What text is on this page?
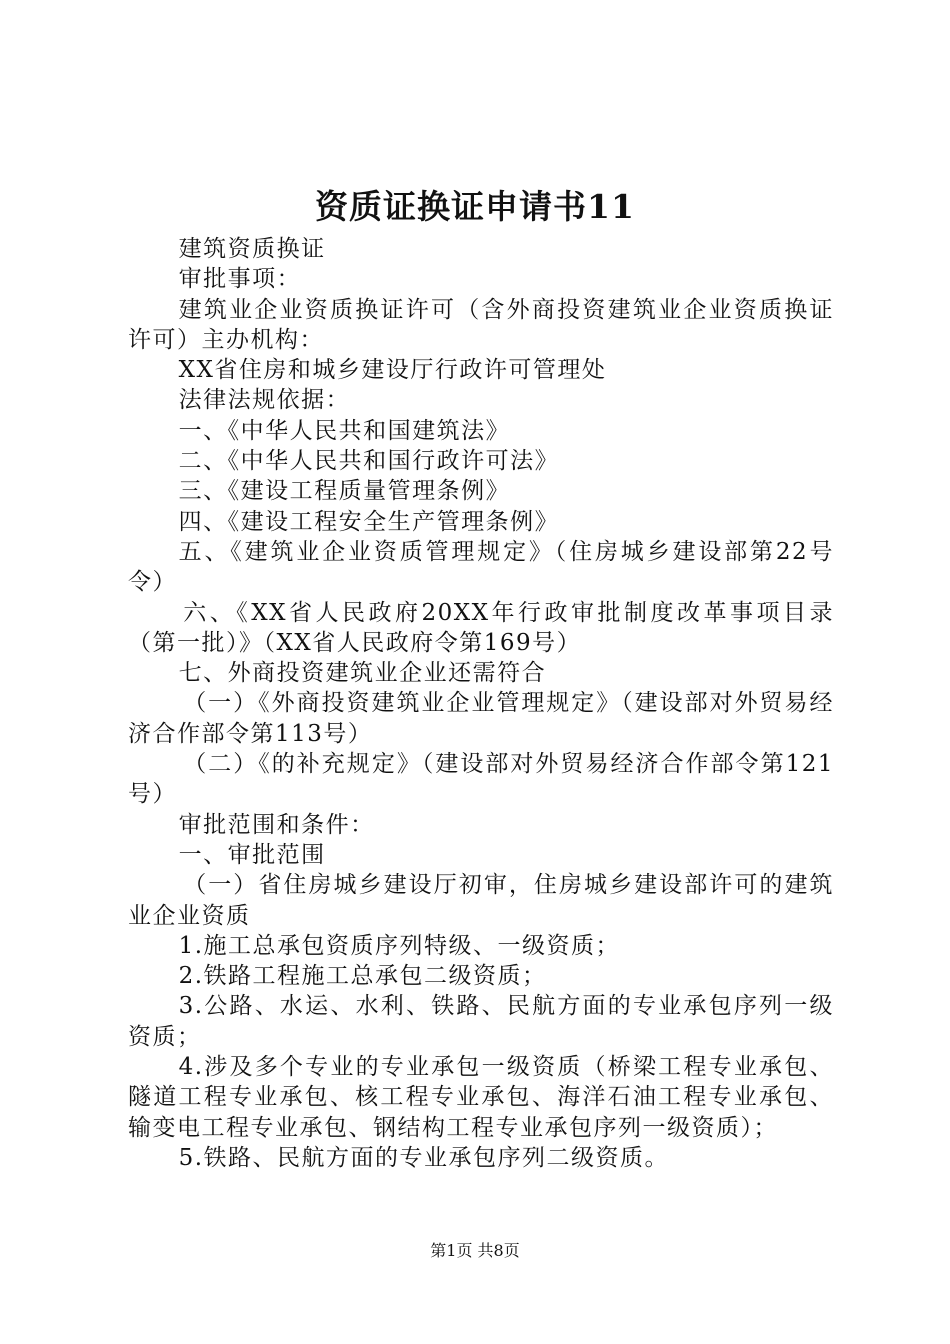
资质证换证申请书11

建筑资质换证

审批事项：

建筑业企业资质换证许可（含外商投资建筑业企业资质换证许可）主办机构：

XX省住房和城乡建设厅行政许可管理处

法律法规依据：

一、《中华人民共和国建筑法》

二、《中华人民共和国行政许可法》

三、《建设工程质量管理条例》

四、《建设工程安全生产管理条例》

五、《建筑业企业资质管理规定》（住房城乡建设部第22号令）

六、《XX省人民政府20XX年行政审批制度改革事项目录（第一批）》（XX省人民政府令第169号）

七、外商投资建筑业企业还需符合

（一）《外商投资建筑业企业管理规定》（建设部对外贸易经济合作部令第113号）

（二）《的补充规定》（建设部对外贸易经济合作部令第121号）

审批范围和条件：

一、审批范围

（一）省住房城乡建设厅初审，住房城乡建设部许可的建筑业企业资质

1.施工总承包资质序列特级、一级资质；

2.铁路工程施工总承包二级资质；

3.公路、水运、水利、铁路、民航方面的专业承包序列一级资质；

4.涉及多个专业的专业承包一级资质（桥梁工程专业承包、隧道工程专业承包、核工程专业承包、海洋石油工程专业承包、输变电工程专业承包、钢结构工程专业承包序列一级资质）；

5.铁路、民航方面的专业承包序列二级资质。

第1页 共8页
